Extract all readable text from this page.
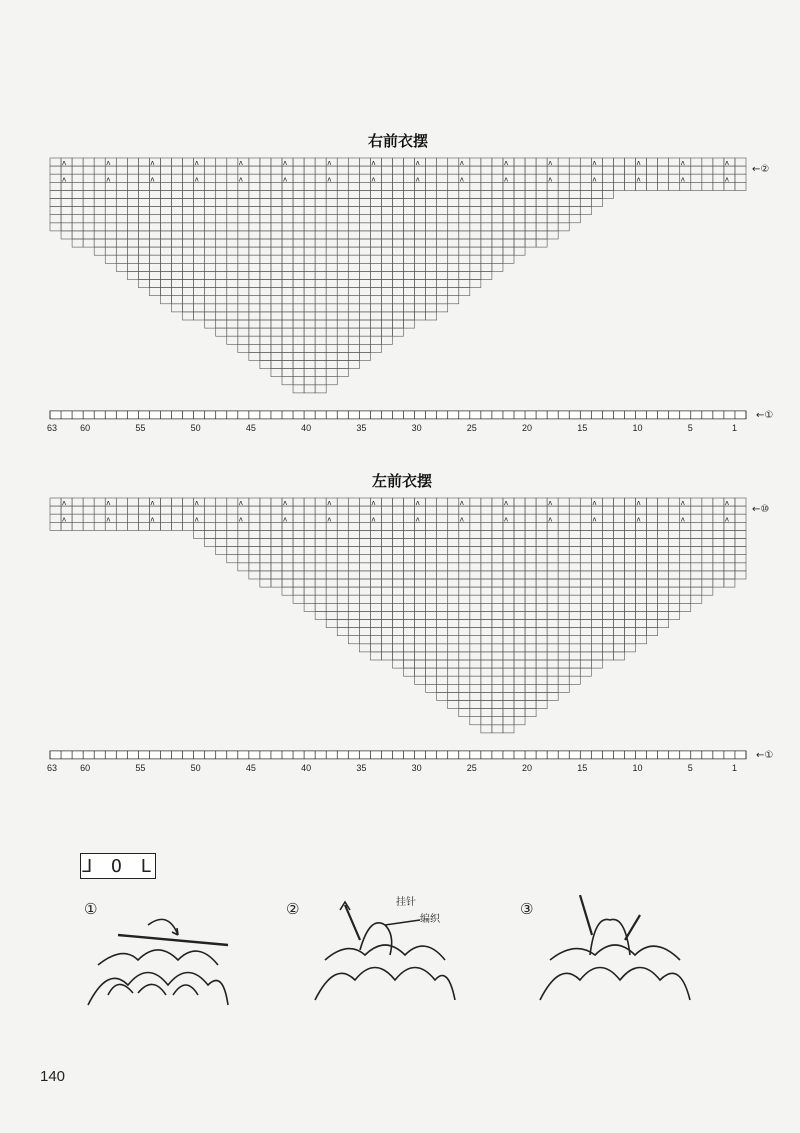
右前衣摆
ʌ
ʌ
ʌ
ʌ
ʌ
ʌ
ʌ
ʌ
ʌ
ʌ
ʌ
ʌ
ʌ
ʌ
ʌ
ʌ
ʌ
ʌ
ʌ
ʌ
ʌ
ʌ
ʌ
ʌ
ʌ
ʌ
ʌ
ʌ
ʌ
ʌ
ʌ
ʌ
63	60	55	50	45	40	35	30	25	20	15	10	5	1
←①
←②
左前衣摆
ʌ
ʌ
ʌ
ʌ
ʌ
ʌ
ʌ
ʌ
ʌ
ʌ
ʌ
ʌ
ʌ
ʌ
ʌ
ʌ
ʌ
ʌ
ʌ
ʌ
ʌ
ʌ
ʌ
ʌ
ʌ
ʌ
ʌ
ʌ
ʌ
ʌ
ʌ
ʌ
63	60	55	50	45	40	35	30	25	20	15	10	5	1
←①
←⑩
ᒧ O ᒪ
①	②	挂针
编织
③
140
